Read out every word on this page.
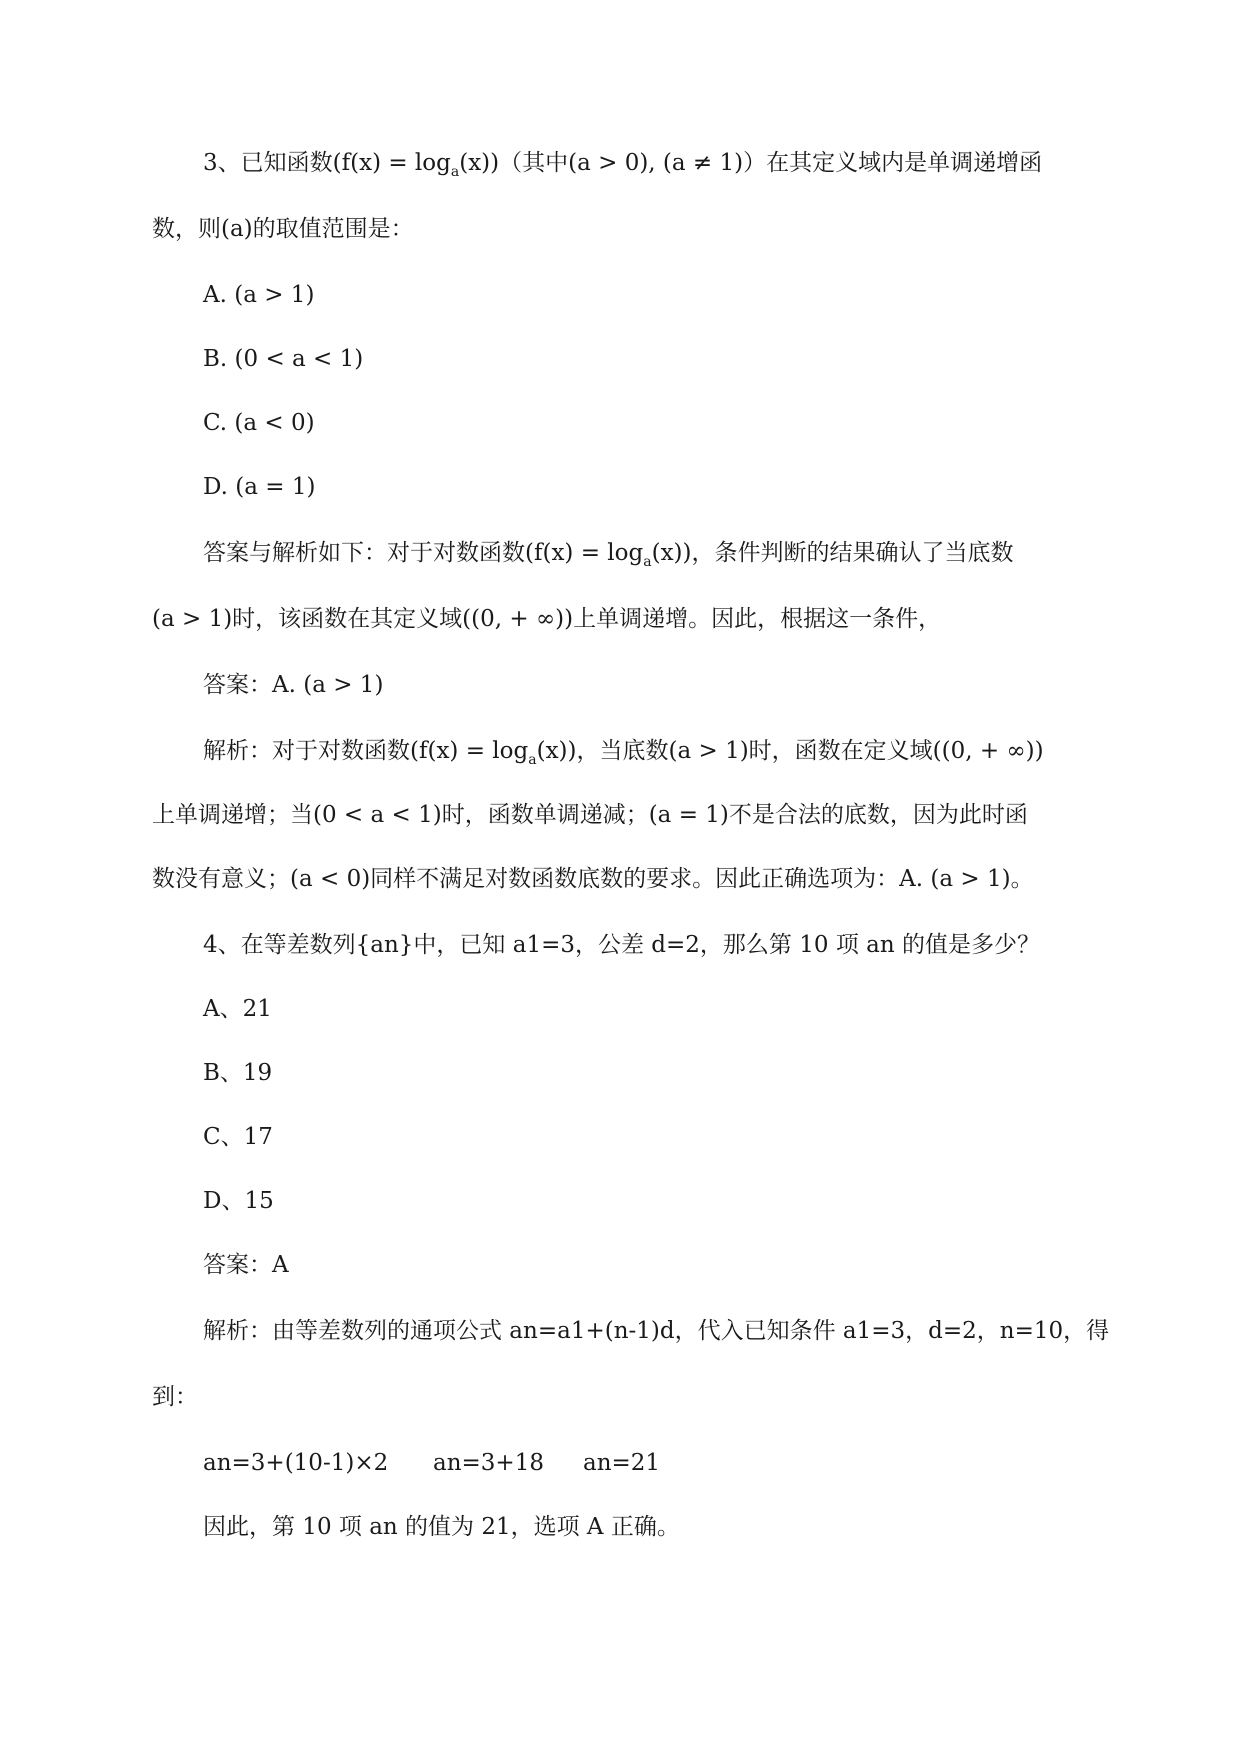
3、已知函数$(f(x) = \log_a(x))$（其中(a > 0), (a ≠ 1)）在其定义域内是单调递增函
数，则(a)的取值范围是：
A. (a > 1)
B. (0 < a < 1)
C. (a < 0)
D. (a = 1)
答案与解析如下：对于对数函数$(f(x) = \log_a(x))$，条件判断的结果确认了当底数
(a > 1)时，该函数在其定义域((0, + ∞))上单调递增。因此，根据这一条件，
答案：A. (a > 1)
解析：对于对数函数$(f(x) = \log_a(x))$，当底数(a > 1)时，函数在定义域((0, + ∞))
上单调递增；当(0 < a < 1)时，函数单调递减；(a = 1)不是合法的底数，因为此时函
数没有意义；(a < 0)同样不满足对数函数底数的要求。因此正确选项为：A. (a > 1)。
4、在等差数列{an}中，已知 a1=3，公差 d=2，那么第 10 项 an 的值是多少？
A、21
B、19
C、17
D、15
答案：A
解析：由等差数列的通项公式 an=a1+(n-1)d，代入已知条件 a1=3，d=2，n=10，得
到：
an=3+(10-1)×2 an=3+18 an=21
因此，第 10 项 an 的值为 21，选项 A 正确。
